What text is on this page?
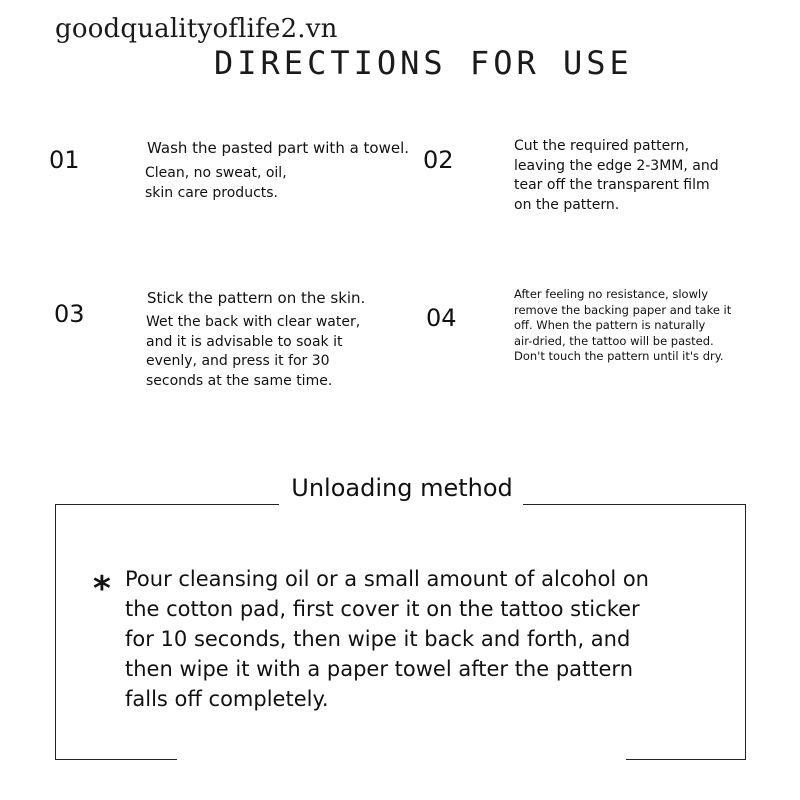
goodqualityoflife2.vn
DIRECTIONS FOR USE
01	Wash the pasted part with a towel.
Clean, no sweat, oil,
skin care products.
02	Cut the required pattern,
leaving the edge 2-3MM, and
tear off the transparent film
on the pattern.
03
Stick the pattern on the skin.
Wet the back with clear water,
and it is advisable to soak it
evenly, and press it for 30
seconds at the same time.
04
After feeling no resistance, slowly
remove the backing paper and take it
off. When the pattern is naturally
air-dried, the tattoo will be pasted.
Don't touch the pattern until it's dry.
Unloading method
* Pour cleansing oil or a small amount of alcohol on
the cotton pad, first cover it on the tattoo sticker
for 10 seconds, then wipe it back and forth, and
then wipe it with a paper towel after the pattern
falls off completely.
